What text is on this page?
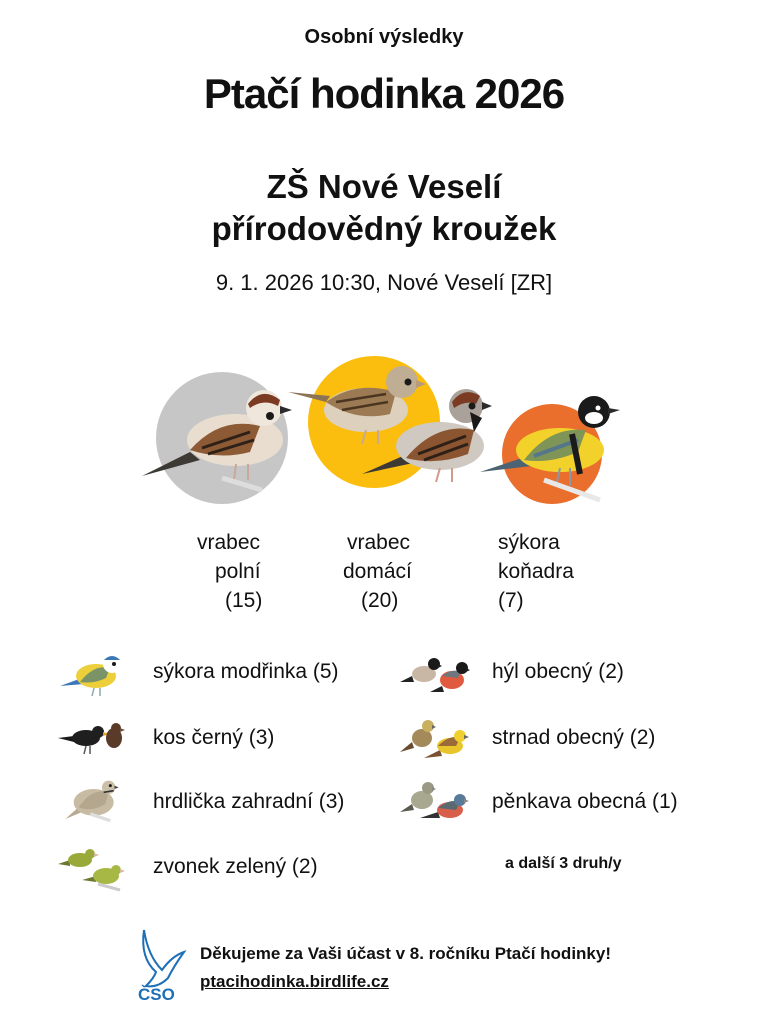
Osobní výsledky
Ptačí hodinka 2026
ZŠ Nové Veselí
přírodovědný kroužek
9. 1. 2026 10:30, Nové Veselí [ZR]
vrabec
polní
(15)
vrabec
domácí
(20)
sýkora
koňadra
(7)
sýkora modřinka (5)
kos černý (3)
hrdlička zahradní (3)
zvonek zelený (2)
hýl obecný (2)
strnad obecný (2)
pěnkava obecná (1)
a další 3 druh/y
ČSO
Děkujeme za Vaši účast v 8. ročníku Ptačí hodinky!
ptacihodinka.birdlife.cz
